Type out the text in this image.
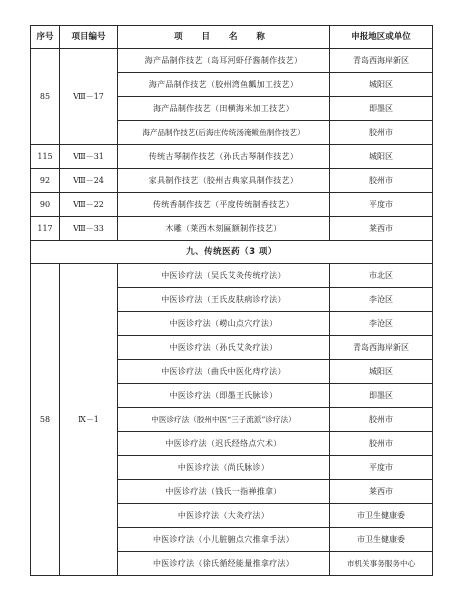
序号	项目编号	项 目 名 称	申报地区或单位
85	Ⅷ－17	海产品制作技艺（岛耳河虾仔酱制作技艺）	青岛西海岸新区
		海产品制作技艺（胶州湾鱼瓤加工技艺）	城阳区
		海产品制作技艺（田横海米加工技艺）	即墨区
		海产品制作技艺(后海庄传统汤淹鲅鱼制作技艺）	胶州市
115	Ⅷ－31	传统古琴制作技艺（孙氏古琴制作技艺）	城阳区
92	Ⅷ－24	家具制作技艺（胶州古典家具制作技艺）	胶州市
90	Ⅷ－22	传统香制作技艺（平度传统制香技艺）	平度市
117	Ⅷ－33	木雕（莱西木刻匾额制作技艺）	莱西市
九、传统医药（3 项）			
58	Ⅸ－1	中医诊疗法（吴氏艾灸传统疗法）	市北区
		中医诊疗法（王氏皮肤病诊疗法）	李沧区
		中医诊疗法（崂山点穴疗法）	李沧区
		中医诊疗法（孙氏艾灸疗法）	青岛西海岸新区
		中医诊疗法（曲氏中医化痔疗法）	城阳区
		中医诊疗法（即墨王氏脉诊）	即墨区
		中医诊疗法（胶州中医“三子流派”诊疗法）	胶州市
		中医诊疗法（迟氏经络点穴术）	胶州市
		中医诊疗法（尚氏脉诊）	平度市
		中医诊疗法（钱氏一指禅推拿）	莱西市
		中医诊疗法（大灸疗法）	市卫生健康委
		中医诊疗法（小儿脏腑点穴推拿手法）	市卫生健康委
		中医诊疗法（徐氏循经能量推拿疗法）	市机关事务服务中心
